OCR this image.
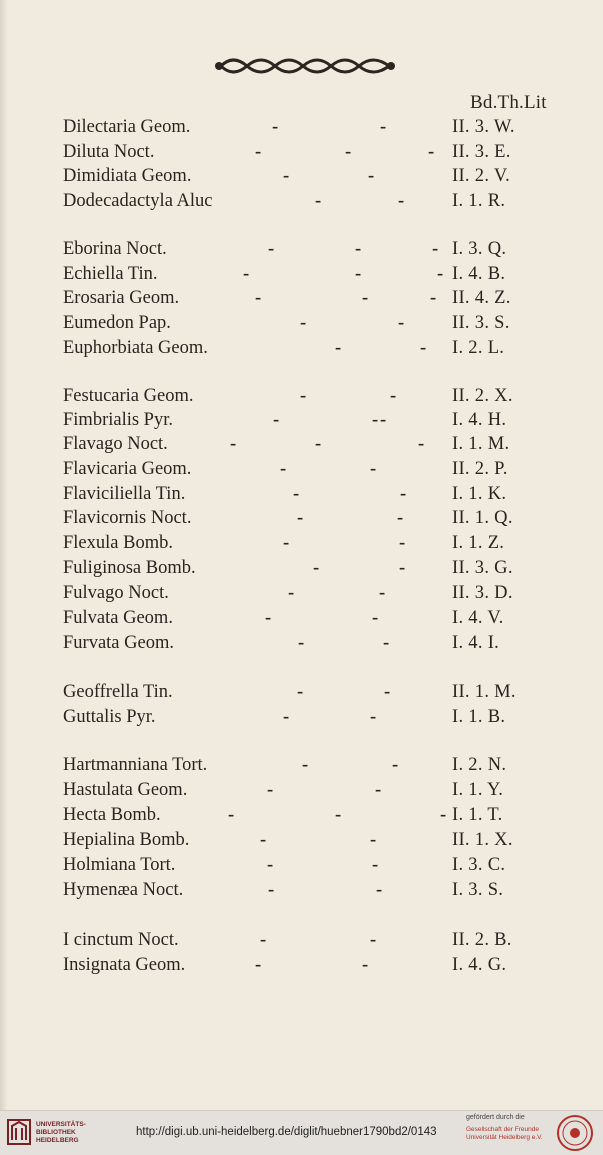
Bd.Th.Lit
Dilectaria Geom.	-	-	II. 3. W.
Diluta Noct.	-	-	- II. 3. E.
Dimidiata Geom.	-	-	II. 2. V.
Dodecadactyla Aluc	-	-	I. 1. R.
Eborina Noct.	-	-	- I. 3. Q.
Echiella Tin.	-	-	- I. 4. B.
Erosaria Geom.	-	-	- II. 4. Z.
Eumedon Pap.	-	-	II. 3. S.
Euphorbiata Geom.	-	- I. 2. L.
Festucaria Geom.	-	-	II. 2. X.
Fimbrialis Pyr.	-	- -	I. 4. H.
Flavago Noct.	-	-	- I. 1. M.
Flavicaria Geom.	-	-	II. 2. P.
Flaviciliella Tin.	-	- I. 1. K.
Flavicornis Noct.	-	-	II. 1. Q.
Flexula Bomb.	-	-	I. 1. Z.
Fuliginosa Bomb.	-	-	II. 3. G.
Fulvago Noct.	-	-	II. 3. D.
Fulvata Geom.	-	-	I. 4. V.
Furvata Geom.	-	-	I. 4. I.
Geoffrella Tin.	-	-	II. 1. M.
Guttalis Pyr.	-	-	I. 1. B.
Hartmanniana Tort.	-	-	I. 2. N.
Hastulata Geom.	-	-	I. 1. Y.
Hecta Bomb.	-	-	- I. 1. T.
Hepialina Bomb.	-	-	II. 1. X.
Holmiana Tort.	-	-	I. 3. C.
Hymenæa Noct.	-	-	I. 3. S.
I cinctum Noct.	-	-	II. 2. B.
Insignata Geom.	-	-	I. 4. G.
UNIVERSITÄTS-
BIBLIOTHEK
HEIDELBERG
http://digi.ub.uni-heidelberg.de/diglit/huebner1790bd2/0143
gefördert durch die
Gesellschaft der Freunde
Universität Heidelberg e.V.
